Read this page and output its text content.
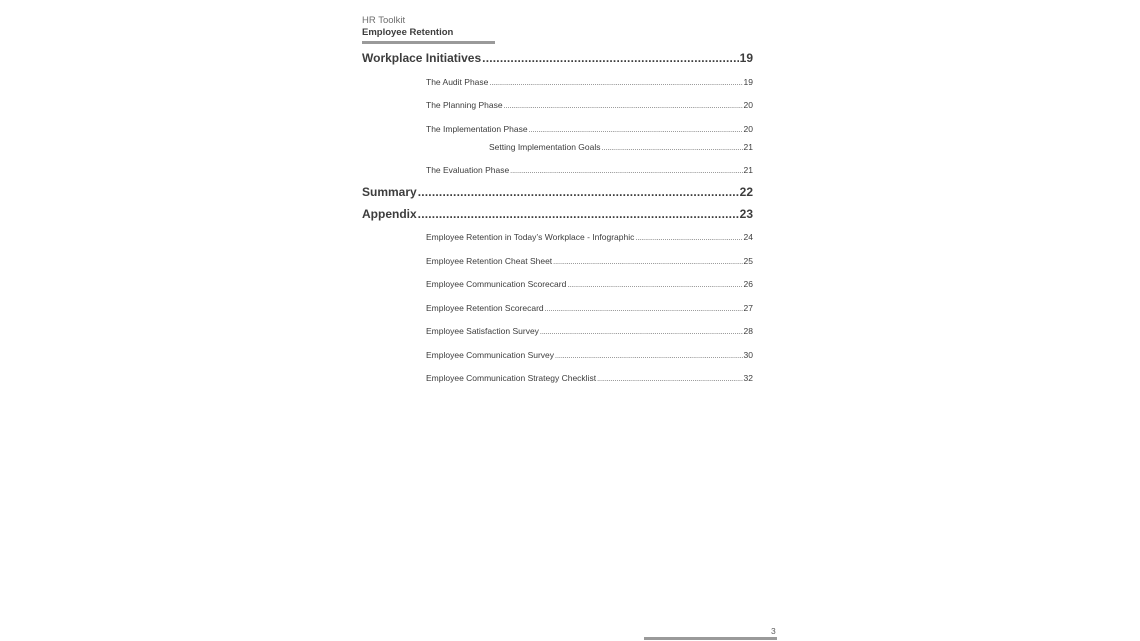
HR Toolkit
Employee Retention
Workplace Initiatives .....	19
The Audit Phase .....	19
The Planning Phase .....	20
The Implementation Phase .....	20
Setting Implementation Goals .....	21
The Evaluation Phase .....	21
Summary .....	22
Appendix .....	23
Employee Retention in Today’s Workplace - Infographic .....	24
Employee Retention Cheat Sheet .....	25
Employee Communication Scorecard .....	26
Employee Retention Scorecard .....	27
Employee Satisfaction Survey .....	28
Employee Communication Survey .....	30
Employee Communication Strategy Checklist .....	32
3
